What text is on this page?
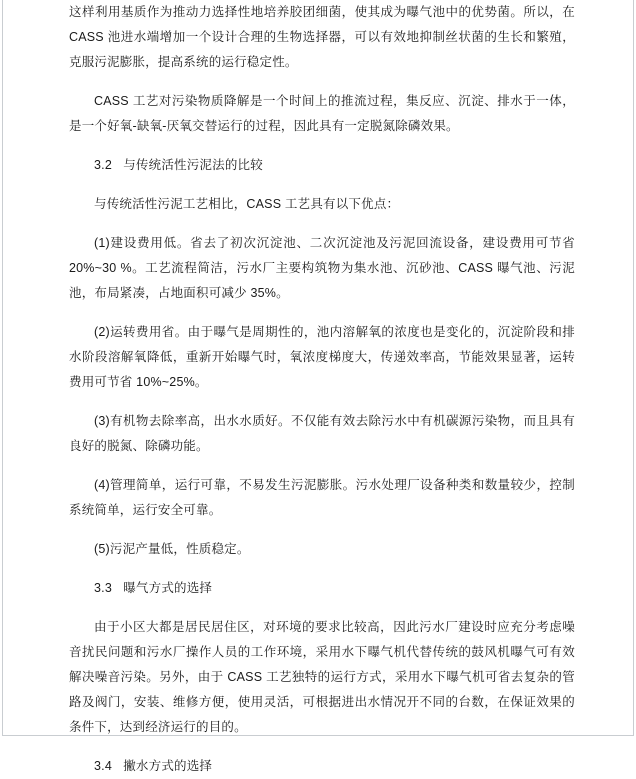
这样利用基质作为推动力选择性地培养胶团细菌，使其成为曝气池中的优势菌。所以，在 CASS 池进水端增加一个设计合理的生物选择器，可以有效地抑制丝状菌的生长和繁殖，克服污泥膨胀，提高系统的运行稳定性。

CASS 工艺对污染物质降解是一个时间上的推流过程，集反应、沉淀、排水于一体，是一个好氧-缺氧-厌氧交替运行的过程，因此具有一定脱氮除磷效果。

3.2 与传统活性污泥法的比较

与传统活性污泥工艺相比，CASS 工艺具有以下优点：

(1)建设费用低。省去了初次沉淀池、二次沉淀池及污泥回流设备，建设费用可节省 20%~30 %。工艺流程简洁，污水厂主要构筑物为集水池、沉砂池、CASS 曝气池、污泥池，布局紧凑，占地面积可减少 35%。

(2)运转费用省。由于曝气是周期性的，池内溶解氧的浓度也是变化的，沉淀阶段和排水阶段溶解氧降低，重新开始曝气时，氧浓度梯度大，传递效率高，节能效果显著，运转费用可节省 10%~25%。

(3)有机物去除率高，出水水质好。不仅能有效去除污水中有机碳源污染物，而且具有良好的脱氮、除磷功能。

(4)管理简单，运行可靠，不易发生污泥膨胀。污水处理厂设备种类和数量较少，控制系统简单，运行安全可靠。

(5)污泥产量低，性质稳定。

3.3 曝气方式的选择

由于小区大都是居民居住区，对环境的要求比较高，因此污水厂建设时应充分考虑噪音扰民问题和污水厂操作人员的工作环境，采用水下曝气机代替传统的鼓风机曝气可有效解决噪音污染。另外，由于 CASS 工艺独特的运行方式，采用水下曝气机可省去复杂的管路及阀门，安装、维修方便，使用灵活，可根据进出水情况开不同的台数，在保证效果的条件下，达到经济运行的目的。

3.4 撇水方式的选择
